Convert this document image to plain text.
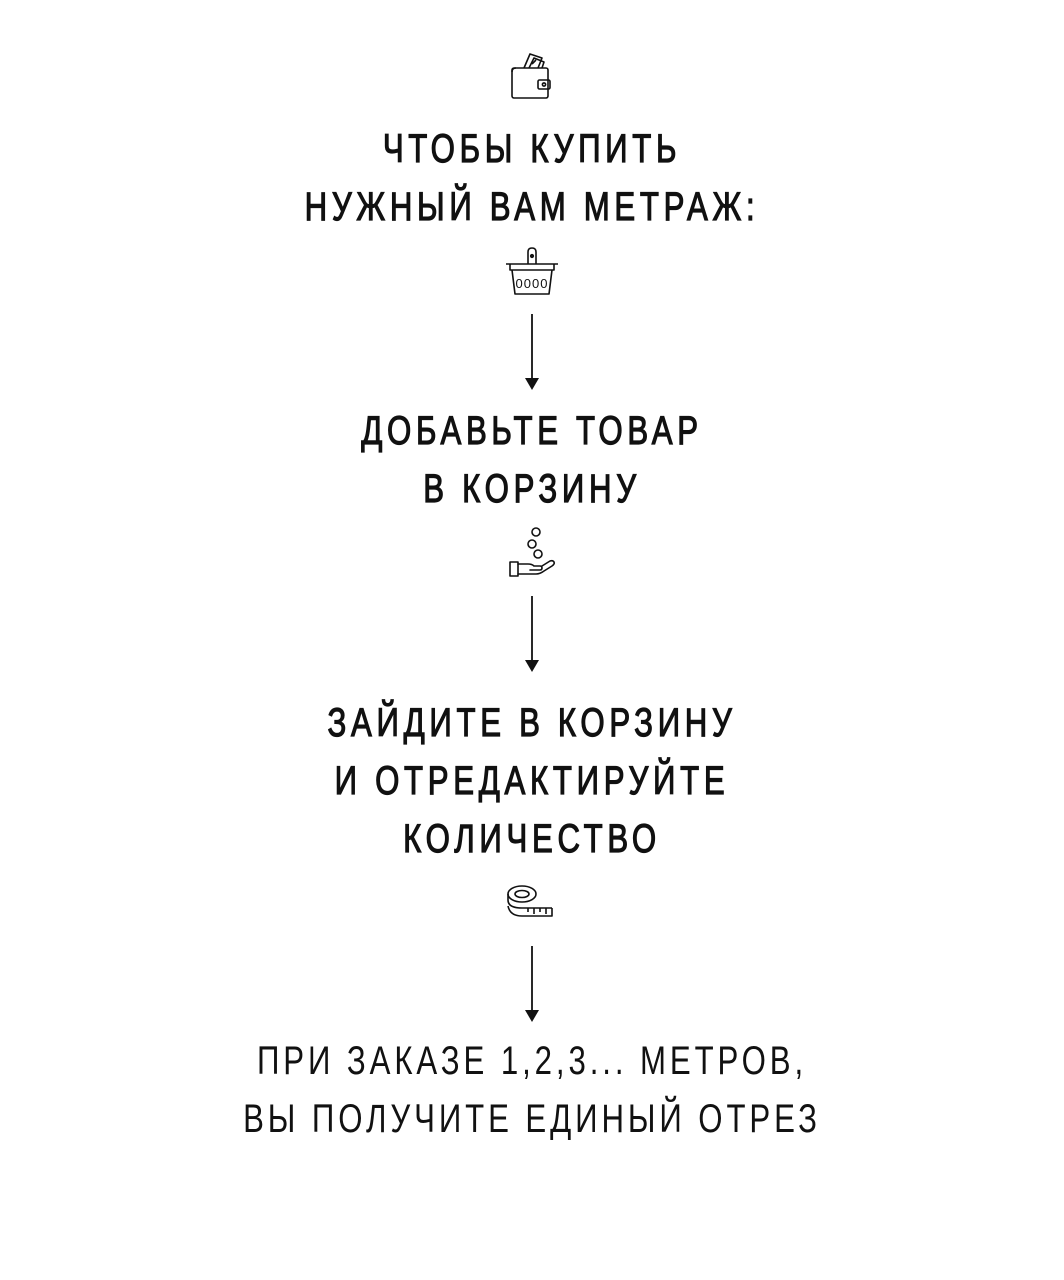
ЧТОБЫ КУПИТЬ
НУЖНЫЙ ВАМ МЕТРАЖ:
0000
ДОБАВЬТЕ ТОВАР
В КОРЗИНУ
ЗАЙДИТЕ В КОРЗИНУ
И ОТРЕДАКТИРУЙТЕ
КОЛИЧЕСТВО
ПРИ ЗАКАЗЕ 1,2,3... МЕТРОВ,
ВЫ ПОЛУЧИТЕ ЕДИНЫЙ ОТРЕЗ
